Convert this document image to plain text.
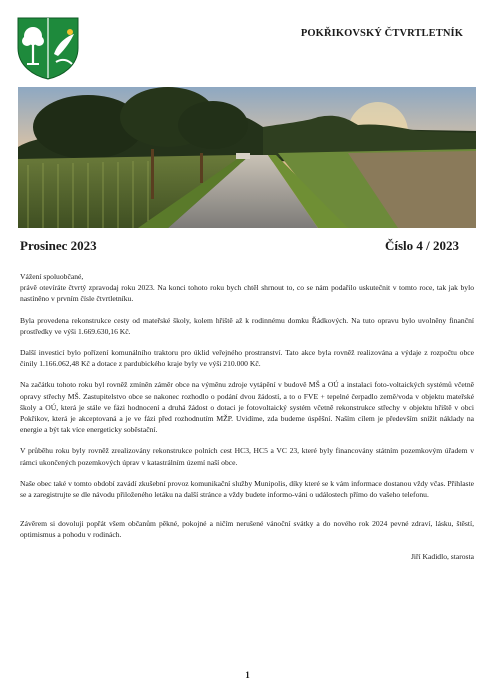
POKŘIKOVSKÝ ČTVRTLETNÍK
Prosinec 2023	Číslo 4 / 2023

Vážení spoluobčané,

právě otevíráte čtvrtý zpravodaj roku 2023. Na konci tohoto roku bych chtěl shrnout to, co se nám podařilo uskutečnit v tomto roce, tak jak bylo nastíněno v prvním čísle čtvrtletníku.

Byla provedena rekonstrukce cesty od mateřské školy, kolem hřiště až k rodinnému domku Řádkových. Na tuto opravu bylo uvolněny finanční prostředky ve výši 1.669.630,16 Kč.

Další investicí bylo pořízení komunálního traktoru pro úklid veřejného prostranství. Tato akce byla rovněž realizována a výdaje z rozpočtu obce činily 1.166.062,48 Kč a dotace z pardubického kraje byly ve výši 210.000 Kč.

Na začátku tohoto roku byl rovněž zmíněn záměr obce na výměnu zdroje vytápění v budově MŠ a OÚ a instalaci foto-voltaických systémů včetně opravy střechy MŠ. Zastupitelstvo obce se nakonec rozhodlo o podání dvou žádostí, a to o FVE + tepelné čerpadlo země/voda v objektu mateřské školy a OÚ, která je stále ve fázi hodnocení a druhá žádost o dotaci je fotovoltaický systém včetně rekonstrukce střechy v objektu hřiště v obci Pokřikov, která je akceptovaná a je ve fázi před rozhodnutím MŽP. Uvidíme, zda budeme úspěšní. Naším cílem je především snížit náklady na energie a být tak více energeticky soběstační.

V průběhu roku byly rovněž zrealizovány rekonstrukce polních cest HC3, HC5 a VC 23, které byly financovány státním pozemkovým úřadem v rámci ukončených pozemkových úprav v katastrálním území naší obce.

Naše obec také v tomto období zavádí zkušební provoz komunikační služby Munipolis, díky které se k vám informace dostanou vždy včas. Přihlaste se a zaregistrujte se dle návodu přiloženého letáku na další stránce a vždy budete informo-váni o událostech přímo do vašeho telefonu.

Závěrem si dovoluji popřát všem občanům pěkné, pokojné a ničím nerušené vánoční svátky a do nového rok 2024 pevné zdraví, lásku, štěstí, optimismus a pohodu v rodinách.

Jiří Kadidlo, starosta
1
